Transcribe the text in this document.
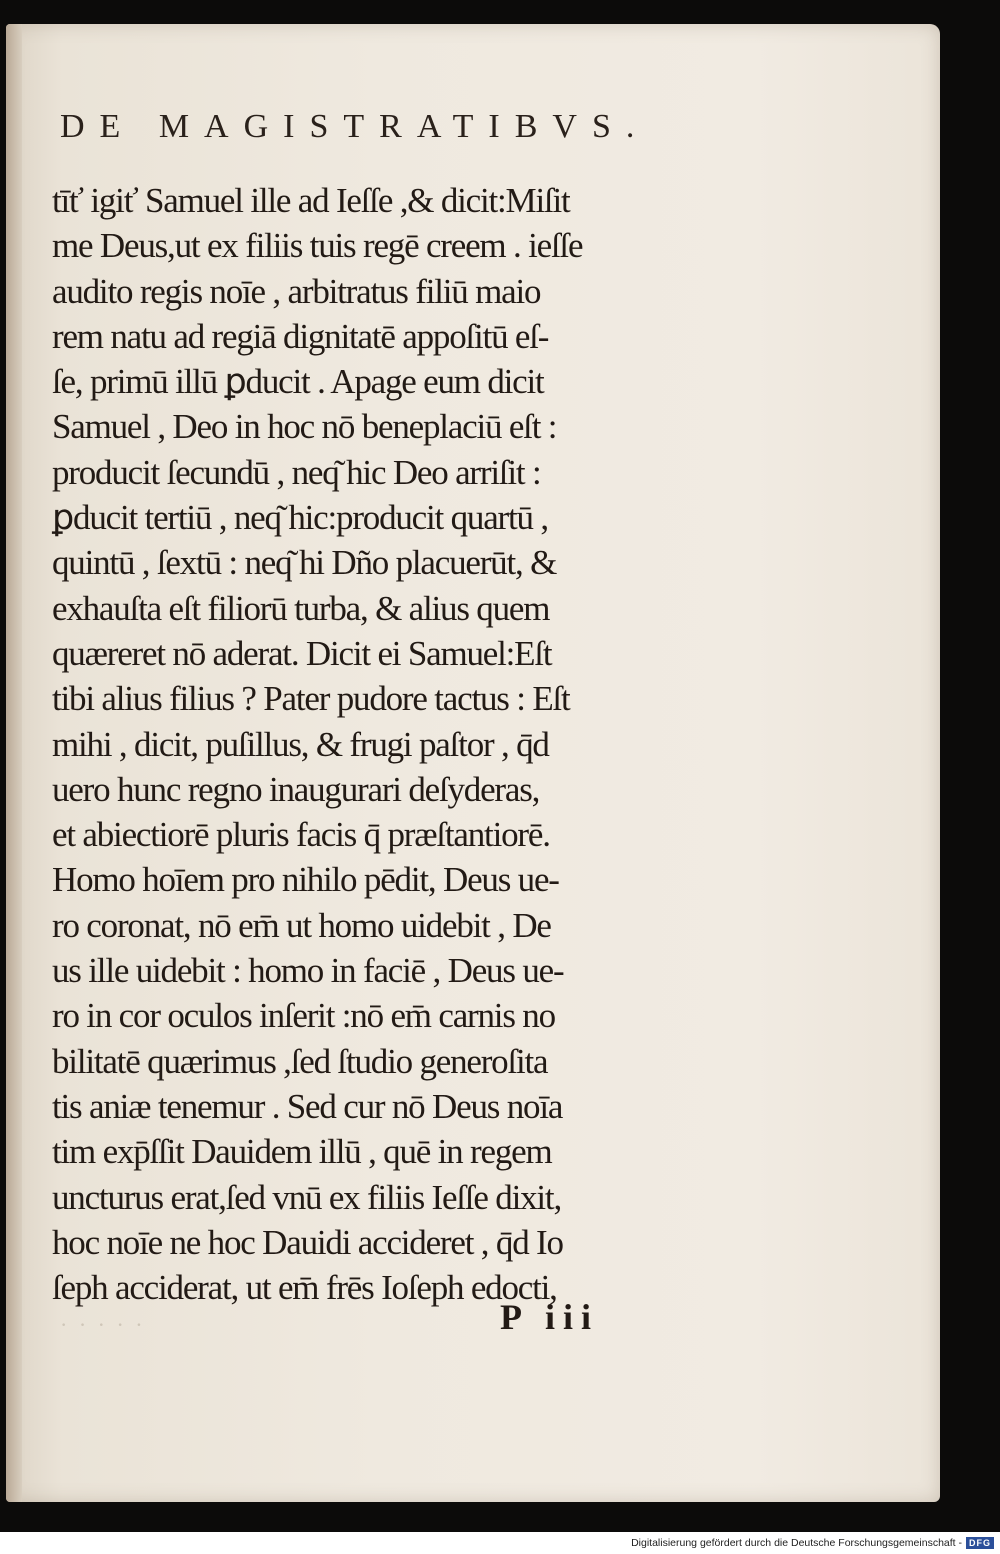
DE MAGISTRATIBVS.
tīť igiť Samuel ille ad Ieſſe ,& dicit:Miſit
me Deus,ut ex filiis tuis regē creem . ieſſe
audito regis noīe , arbitratus filiū maio
rem natu ad regiā dignitatē appoſitū eſ-
ſe, primū illū ꝑducit . Apage eum dicit
Samuel , Deo in hoc nō beneplaciū eſt :
producit ſecundū , neq͂ hic Deo arriſit :
ꝑducit tertiū , neq͂ hic:producit quartū ,
quintū , ſextū : neq͂ hi Dño placuerūt, &
exhauſta eſt filiorū turba, & alius quem
quæreret nō aderat. Dicit ei Samuel:Eſt
tibi alius filius ? Pater pudore tactus : Eſt
mihi , dicit, puſillus, & frugi paſtor , q̄d
uero hunc regno inaugurari deſyderas,
et abiectiorē pluris facis q̄ præſtantiorē.
Homo hoīem pro nihilo pēdit, Deus ue-
ro coronat, nō em̄ ut homo uidebit , De
us ille uidebit : homo in faciē , Deus ue-
ro in cor oculos inſerit :nō em̄ carnis no
bilitatē quærimus ,ſed ſtudio generoſita
tis aniæ tenemur . Sed cur nō Deus noīa
tim exp̄ſſit Dauidem illū , quē in regem
uncturus erat,ſed vnū ex filiis Ieſſe dixit,
hoc noīe ne hoc Dauidi accideret , q̄d Io
ſeph acciderat, ut em̄ frēs Ioſeph edocti,
· · · · ·	P iii
Digitalisierung gefördert durch die Deutsche Forschungsgemeinschaft - DFG
